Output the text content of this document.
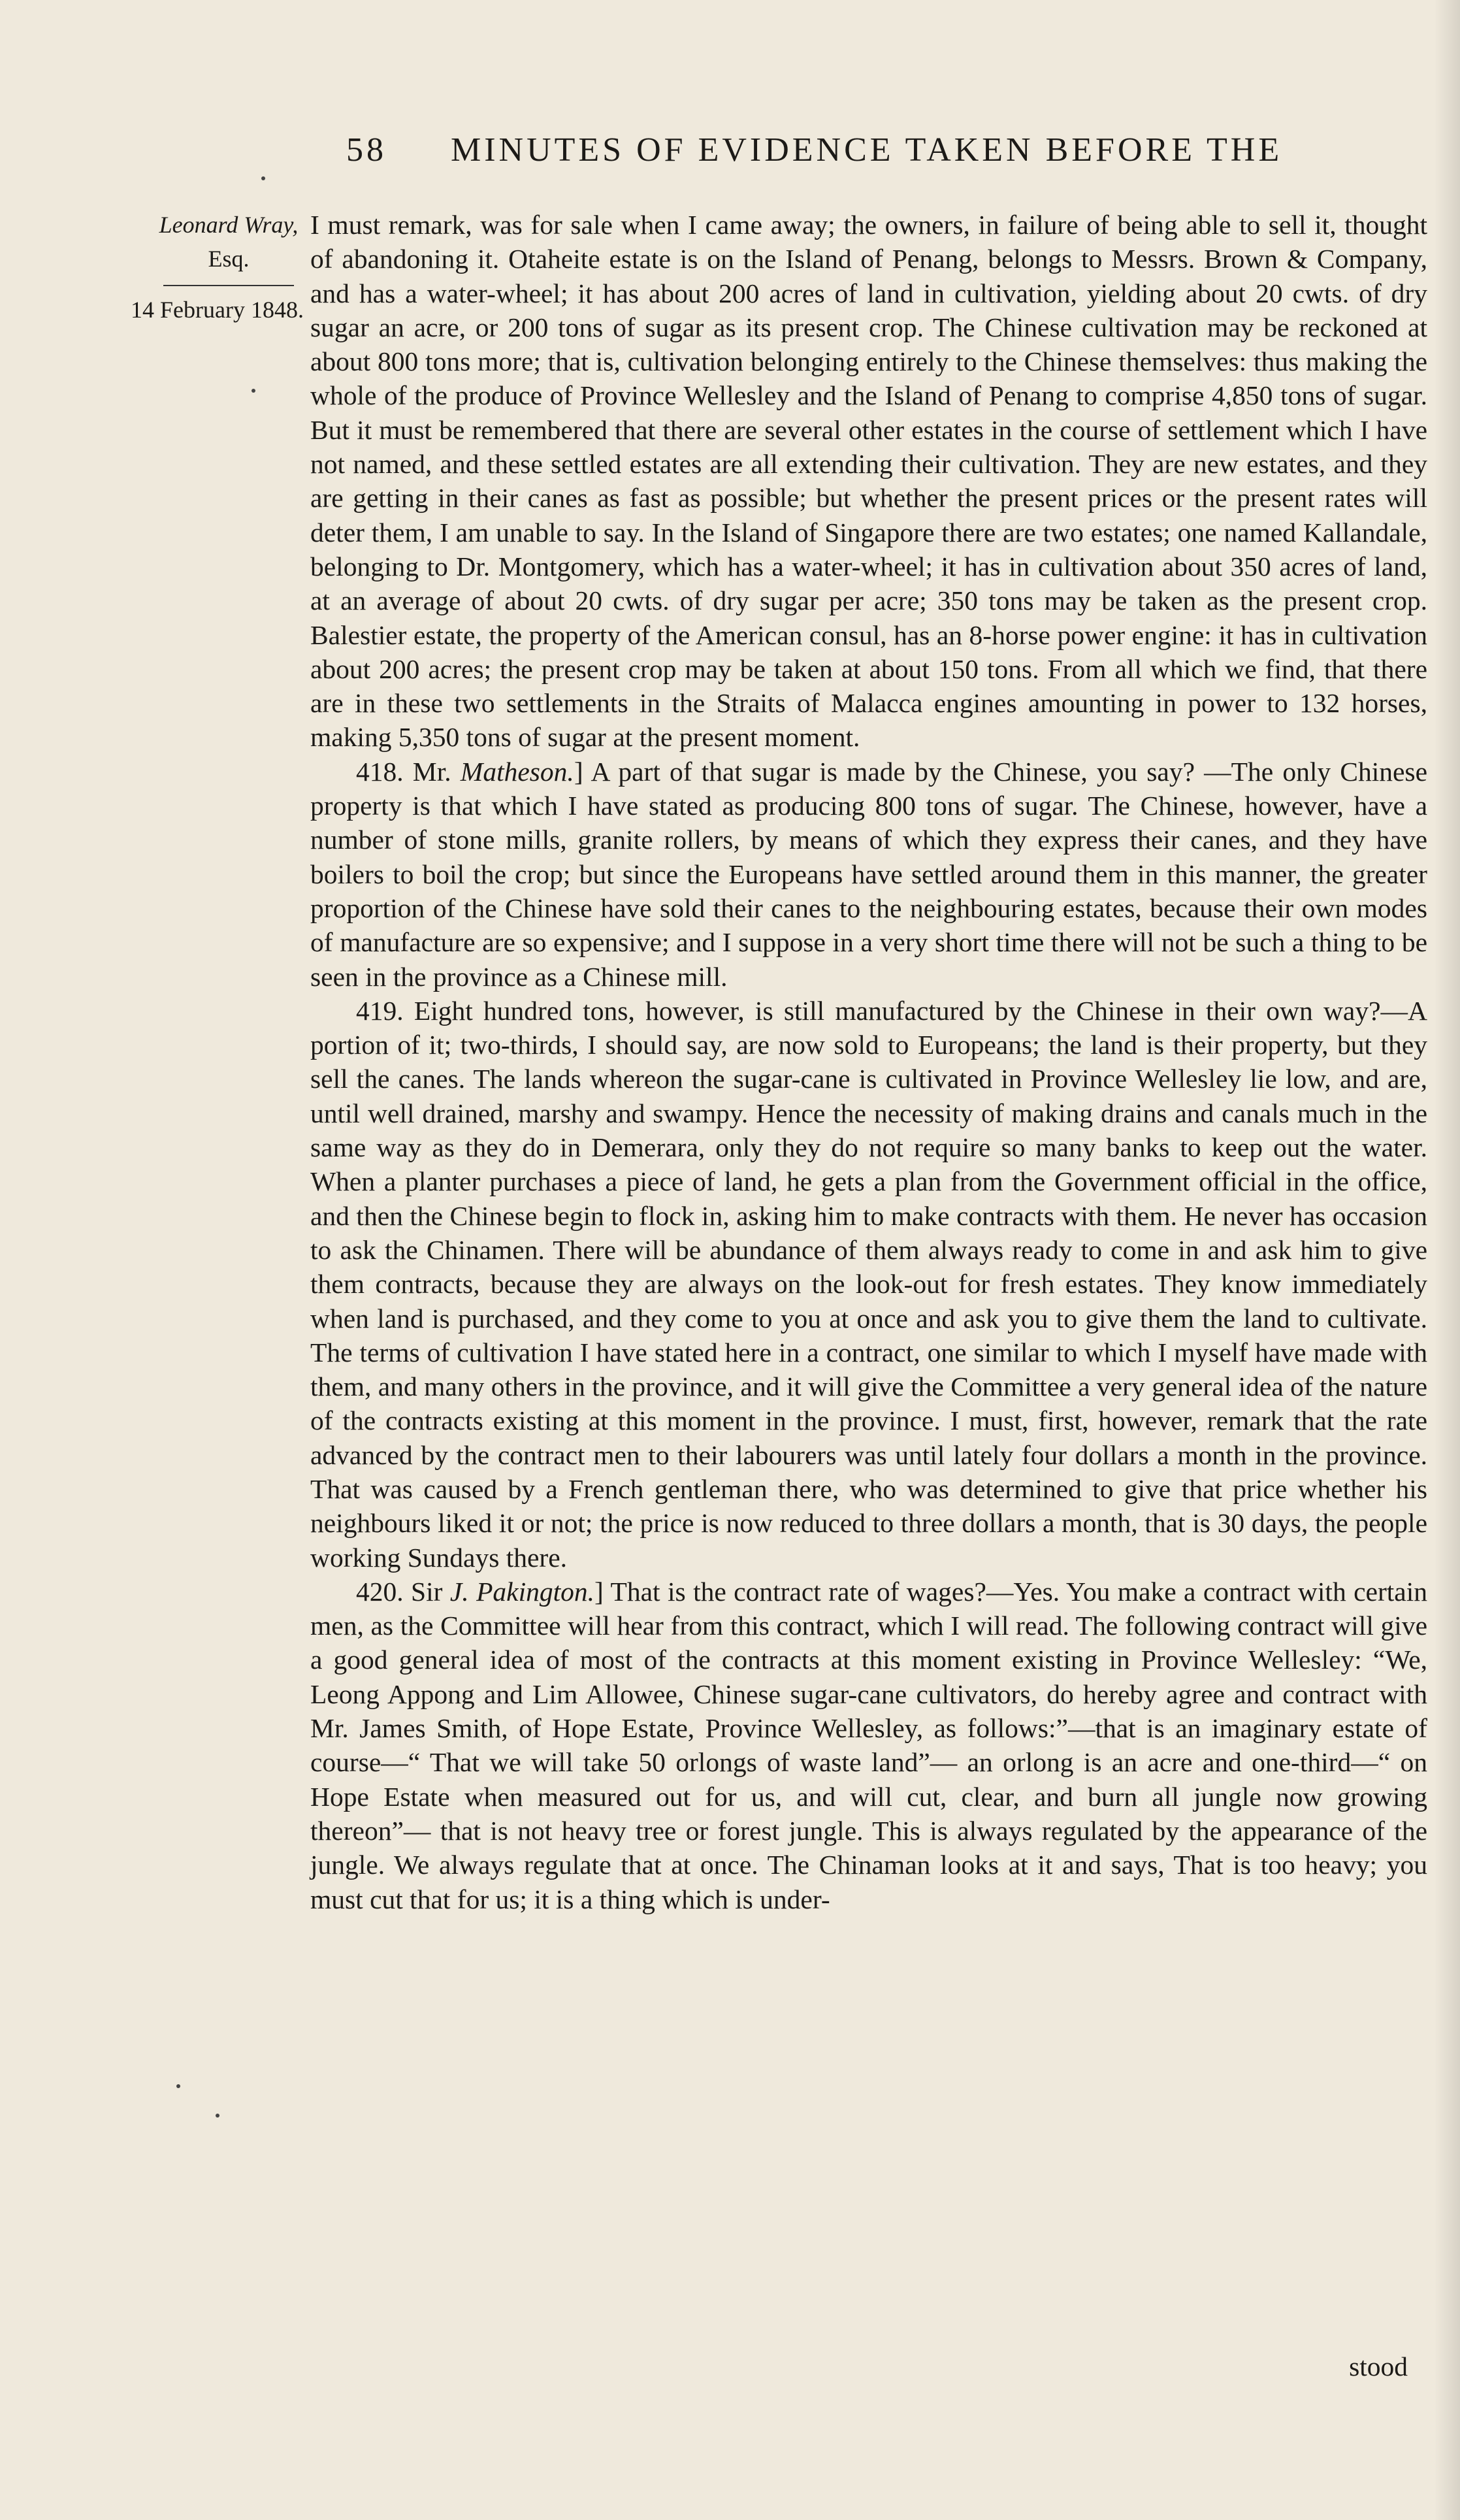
58 MINUTES OF EVIDENCE TAKEN BEFORE THE
Leonard Wray,
Esq.
14 February 1848.

I must remark, was for sale when I came away; the owners, in failure of being able to sell it, thought of abandoning it. Otaheite estate is on the Island of Penang, belongs to Messrs. Brown & Company, and has a water-wheel; it has about 200 acres of land in cultivation, yielding about 20 cwts. of dry sugar an acre, or 200 tons of sugar as its present crop. The Chinese cultivation may be reckoned at about 800 tons more; that is, cultivation belonging entirely to the Chinese themselves: thus making the whole of the produce of Province Wellesley and the Island of Penang to comprise 4,850 tons of sugar. But it must be remembered that there are several other estates in the course of settlement which I have not named, and these settled estates are all extending their cultivation. They are new estates, and they are getting in their canes as fast as possible; but whether the present prices or the present rates will deter them, I am unable to say. In the Island of Singapore there are two estates; one named Kallandale, belonging to Dr. Montgomery, which has a water-wheel; it has in cultivation about 350 acres of land, at an average of about 20 cwts. of dry sugar per acre; 350 tons may be taken as the present crop. Balestier estate, the property of the American consul, has an 8-horse power engine: it has in cultivation about 200 acres; the present crop may be taken at about 150 tons. From all which we find, that there are in these two settlements in the Straits of Malacca engines amounting in power to 132 horses, making 5,350 tons of sugar at the present moment.

418. Mr. Matheson.] A part of that sugar is made by the Chinese, you say? —The only Chinese property is that which I have stated as producing 800 tons of sugar. The Chinese, however, have a number of stone mills, granite rollers, by means of which they express their canes, and they have boilers to boil the crop; but since the Europeans have settled around them in this manner, the greater proportion of the Chinese have sold their canes to the neighbouring estates, because their own modes of manufacture are so expensive; and I suppose in a very short time there will not be such a thing to be seen in the province as a Chinese mill.

419. Eight hundred tons, however, is still manufactured by the Chinese in their own way?—A portion of it; two-thirds, I should say, are now sold to Europeans; the land is their property, but they sell the canes. The lands whereon the sugar-cane is cultivated in Province Wellesley lie low, and are, until well drained, marshy and swampy. Hence the necessity of making drains and canals much in the same way as they do in Demerara, only they do not require so many banks to keep out the water. When a planter purchases a piece of land, he gets a plan from the Government official in the office, and then the Chinese begin to flock in, asking him to make contracts with them. He never has occasion to ask the Chinamen. There will be abundance of them always ready to come in and ask him to give them contracts, because they are always on the look-out for fresh estates. They know immediately when land is purchased, and they come to you at once and ask you to give them the land to cultivate. The terms of cultivation I have stated here in a contract, one similar to which I myself have made with them, and many others in the province, and it will give the Committee a very general idea of the nature of the contracts existing at this moment in the province. I must, first, however, remark that the rate advanced by the contract men to their labourers was until lately four dollars a month in the province. That was caused by a French gentleman there, who was determined to give that price whether his neighbours liked it or not; the price is now reduced to three dollars a month, that is 30 days, the people working Sundays there.

420. Sir J. Pakington.] That is the contract rate of wages?—Yes. You make a contract with certain men, as the Committee will hear from this contract, which I will read. The following contract will give a good general idea of most of the contracts at this moment existing in Province Wellesley: “We, Leong Appong and Lim Allowee, Chinese sugar-cane cultivators, do hereby agree and contract with Mr. James Smith, of Hope Estate, Province Wellesley, as follows:”—that is an imaginary estate of course—“ That we will take 50 orlongs of waste land”— an orlong is an acre and one-third—“ on Hope Estate when measured out for us, and will cut, clear, and burn all jungle now growing thereon”— that is not heavy tree or forest jungle. This is always regulated by the appearance of the jungle. We always regulate that at once. The Chinaman looks at it and says, That is too heavy; you must cut that for us; it is a thing which is under-

stood
